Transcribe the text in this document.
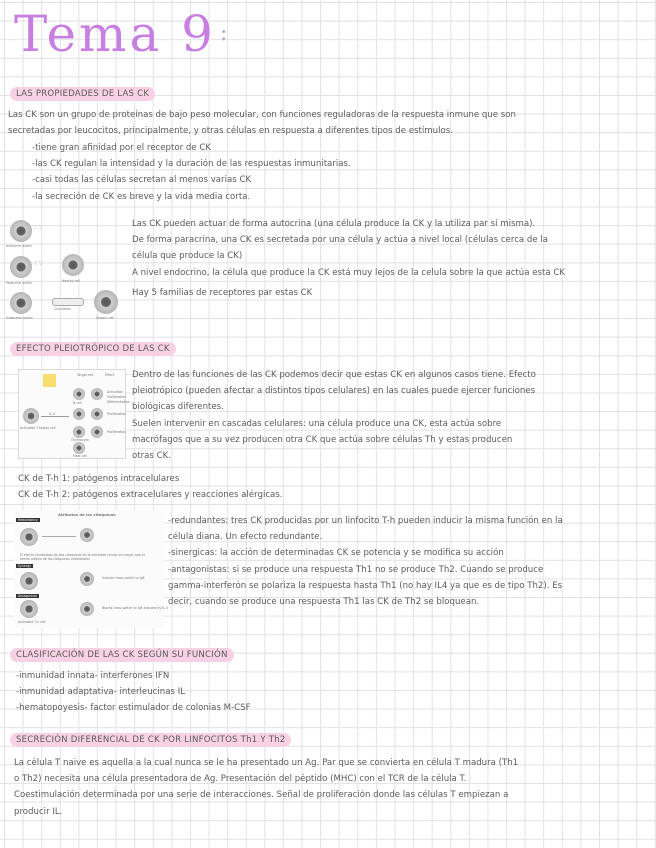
Tema 9 :
LAS PROPIEDADES DE LAS CK

Las CK son un grupo de proteínas de bajo peso molecular, con funciones reguladoras de la respuesta inmune que son

secretadas por leucocitos, principalmente, y otras células en respuesta a diferentes tipos de estímulos.

-tiene gran afinidad por el receptor de CK

-las CK regulan la intensidad y la duración de las respuestas inmunitarias.

-casi todas las células secretan al menos varias CK

-la secreción de CK es breve y la vida media corta.

∴∵
Autocrine action
∴∵
Paracrine action	Nearby cell
Endocrine action
Circulation
Distant cell

Las CK pueden actuar de forma autocrina (una célula produce la CK y la utiliza par sí misma).

De forma paracrina, una CK es secretada por una célula y actúa a nivel local (células cerca de la

célula que produce la CK)

A nivel endocrino, la célula que produce la CK está muy lejos de la celula sobre la que actúa esta CK

Hay 5 familias de receptores par estas CK
EFECTO PLEIOTRÓPICO DE LAS CK
Target cell	Effect
Activated T-helper cell
IL-4
B cell
Thymocyte
Mast cell
Activation
Proliferation
Differentiation
Proliferation
Proliferation

Dentro de las funciones de las CK podemos decir que estas CK en algunos casos tiene. Efecto

pleiotrópico (pueden afectar a distintos tipos celulares) en las cuales puede ejercer funciones

biológicas diferentes.

Suelen intervenir en cascadas celulares: una célula produce una CK, esta actúa sobre

macrófagos que a su vez producen otra CK que actúa sobre células Th y estas producen

otras CK.

CK de T-h 1: patógenos intracelulares

CK de T-h 2: patógenos extracelulares y reacciones alérgicas.

Atributos de las citoquinas
Redundancy
El efecto combinado de dos citoquinas en la actividad celular es mayor que el efecto aditivo de las citoquinas individuales
Synergy
Induces class switch to IgE
Antagonism
Activated T-h cell
Blocks class switch to IgE induced by IL-4

-redundantes: tres CK producidas por un linfocito T-h pueden inducir la misma función en la

célula diana. Un efecto redundante.

-sinergicas: la acción de determinadas CK se potencia y se modifica su acción

-antagonistas: si se produce una respuesta Th1 no se produce Th2. Cuando se produce

gamma-interferón se polariza la respuesta hasta Th1 (no hay IL4 ya que es de tipo Th2). Es

decir, cuando se produce una respuesta Th1 las CK de Th2 se bloquean.

CLASIFICACIÓN DE LAS CK SEGÚN SU FUNCIÓN

-inmunidad innata- interferones IFN

-inmunidad adaptativa- interleucinas IL

-hematopoyesis- factor estimulador de colonias M-CSF

SECRECIÓN DIFERENCIAL DE CK POR LINFOCITOS Th1 Y Th2

La célula T naive es aquella a la cual nunca se le ha presentado un Ag. Par que se convierta en célula T madura (Th1

o Th2) necesita una célula presentadora de Ag. Presentación del péptido (MHC) con el TCR de la célula T.

Coestimulación determinada por una serie de interacciones. Señal de proliferación donde las células T empiezan a

producir IL.
